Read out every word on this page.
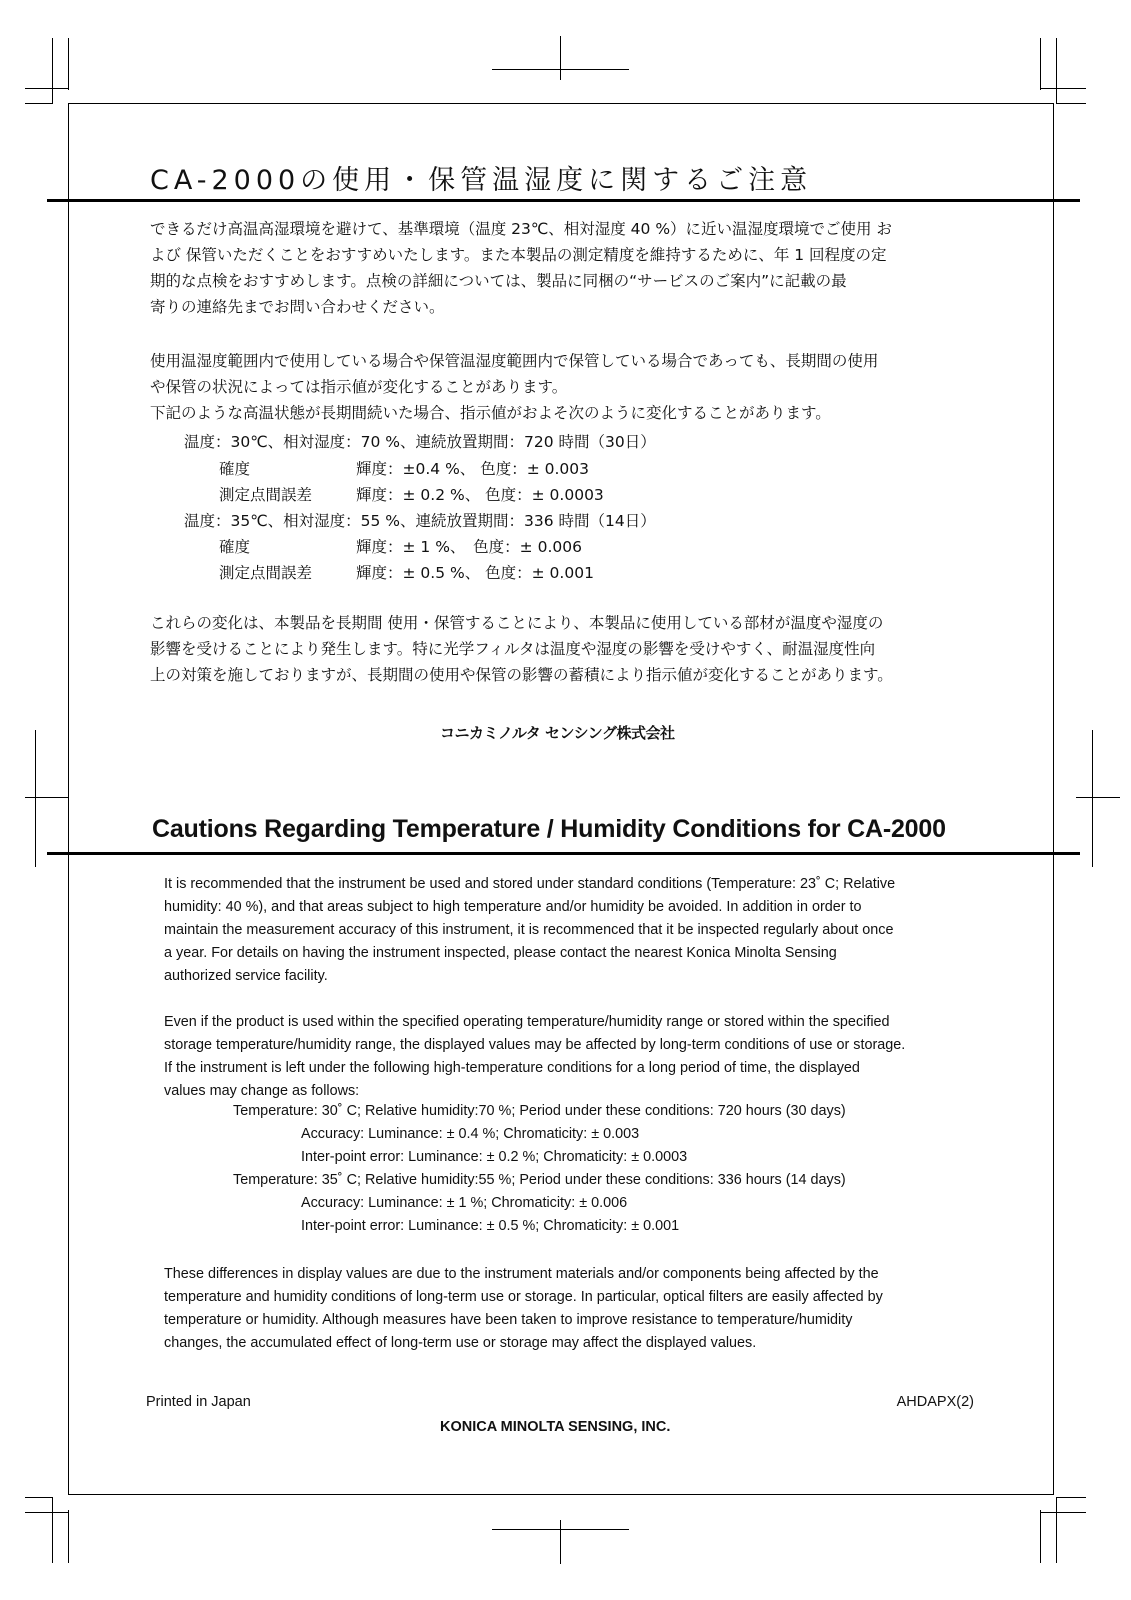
CA-2000の使用・保管温湿度に関するご注意
できるだけ高温高湿環境を避けて、基準環境（温度 23℃、相対湿度 40 %）に近い温湿度環境でご使用 お
よび 保管いただくことをおすすめいたします。また本製品の測定精度を維持するために、年 1 回程度の定
期的な点検をおすすめします。点検の詳細については、製品に同梱の“サービスのご案内”に記載の最
寄りの連絡先までお問い合わせください。
使用温湿度範囲内で使用している場合や保管温湿度範囲内で保管している場合であっても、長期間の使用
や保管の状況によっては指示値が変化することがあります。
下記のような高温状態が長期間続いた場合、指示値がおよそ次のように変化することがあります。
温度：30℃、相対湿度：70 %、連続放置期間：720 時間（30日）
確度	輝度：±0.4 %、 色度：± 0.003
測定点間誤差	輝度：± 0.2 %、 色度：± 0.0003
温度：35℃、相対湿度：55 %、連続放置期間：336 時間（14日）
確度	輝度：± 1 %、　色度：± 0.006
測定点間誤差	輝度：± 0.5 %、 色度：± 0.001
これらの変化は、本製品を長期間 使用・保管することにより、本製品に使用している部材が温度や湿度の
影響を受けることにより発生します。特に光学フィルタは温度や湿度の影響を受けやすく、耐温湿度性向
上の対策を施しておりますが、長期間の使用や保管の影響の蓄積により指示値が変化することがあります。
コニカミノルタ センシング株式会社
Cautions Regarding Temperature / Humidity Conditions for CA-2000
It is recommended that the instrument be used and stored under standard conditions (Temperature: 23˚ C; Relative
humidity: 40 %), and that areas subject to high temperature and/or humidity be avoided. In addition in order to
maintain the measurement accuracy of this instrument, it is recommenced that it be inspected regularly about once
a year. For details on having the instrument inspected, please contact the nearest Konica Minolta Sensing
authorized service facility.
Even if the product is used within the specified operating temperature/humidity range or stored within the specified
storage temperature/humidity range, the displayed values may be affected by long-term conditions of use or storage.
If the instrument is left under the following high-temperature conditions for a long period of time, the displayed
values may change as follows:
Temperature: 30˚ C; Relative humidity:70 %; Period under these conditions: 720 hours (30 days)
Accuracy: Luminance: ± 0.4 %; Chromaticity: ± 0.003
Inter-point error: Luminance: ± 0.2 %; Chromaticity: ± 0.0003
Temperature: 35˚ C; Relative humidity:55 %; Period under these conditions: 336 hours (14 days)
Accuracy: Luminance: ± 1 %; Chromaticity: ± 0.006
Inter-point error: Luminance: ± 0.5 %; Chromaticity: ± 0.001
These differences in display values are due to the instrument materials and/or components being affected by the
temperature and humidity conditions of long-term use or storage. In particular, optical filters are easily affected by
temperature or humidity. Although measures have been taken to improve resistance to temperature/humidity
changes, the accumulated effect of long-term use or storage may affect the displayed values.
Printed in Japan	AHDAPX(2)
KONICA MINOLTA SENSING, INC.
